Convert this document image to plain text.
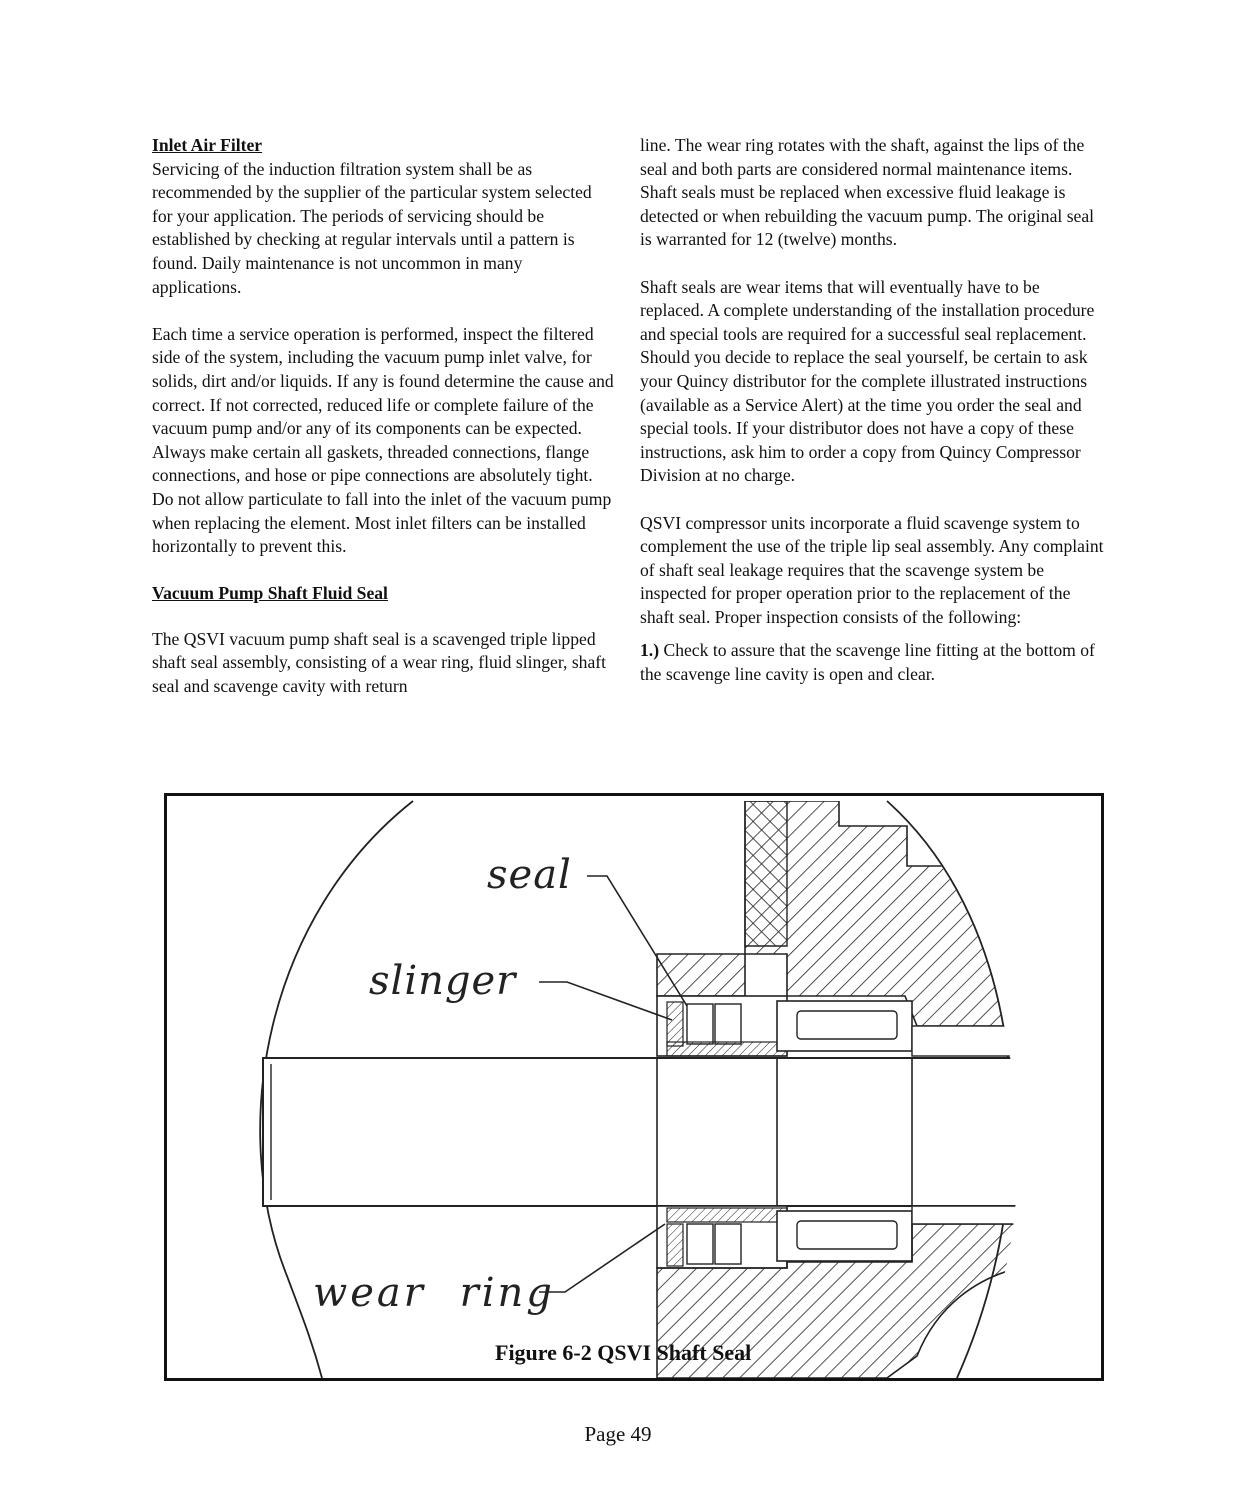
Inlet Air Filter

Servicing of the induction filtration system shall be as recommended by the supplier of the particular system selected for your application. The periods of servicing should be established by checking at regular intervals until a pattern is found. Daily maintenance is not uncommon in many applications.

Each time a service operation is performed, inspect the filtered side of the system, including the vacuum pump inlet valve, for solids, dirt and/or liquids. If any is found determine the cause and correct. If not corrected, reduced life or complete failure of the vacuum pump and/or any of its components can be expected. Always make certain all gaskets, threaded connections, flange connections, and hose or pipe connections are absolutely tight. Do not allow particulate to fall into the inlet of the vacuum pump when replacing the element. Most inlet filters can be installed horizontally to prevent this.

Vacuum Pump Shaft Fluid Seal

The QSVI vacuum pump shaft seal is a scavenged triple lipped shaft seal assembly, consisting of a wear ring, fluid slinger, shaft seal and scavenge cavity with return

line. The wear ring rotates with the shaft, against the lips of the seal and both parts are considered normal maintenance items. Shaft seals must be replaced when excessive fluid leakage is detected or when rebuilding the vacuum pump. The original seal is warranted for 12 (twelve) months.

Shaft seals are wear items that will eventually have to be replaced. A complete understanding of the installation procedure and special tools are required for a successful seal replacement. Should you decide to replace the seal yourself, be certain to ask your Quincy distributor for the complete illustrated instructions (available as a Service Alert) at the time you order the seal and special tools. If your distributor does not have a copy of these instructions, ask him to order a copy from Quincy Compressor Division at no charge.

QSVI compressor units incorporate a fluid scavenge system to complement the use of the triple lip seal assembly. Any complaint of shaft seal leakage requires that the scavenge system be inspected for proper operation prior to the replacement of the shaft seal. Proper inspection consists of the following:

1.) Check to assure that the scavenge line fitting at the bottom of the scavenge line cavity is open and clear.

seal
slinger
wear ring
Figure 6-2 QSVI Shaft Seal
Page 49
